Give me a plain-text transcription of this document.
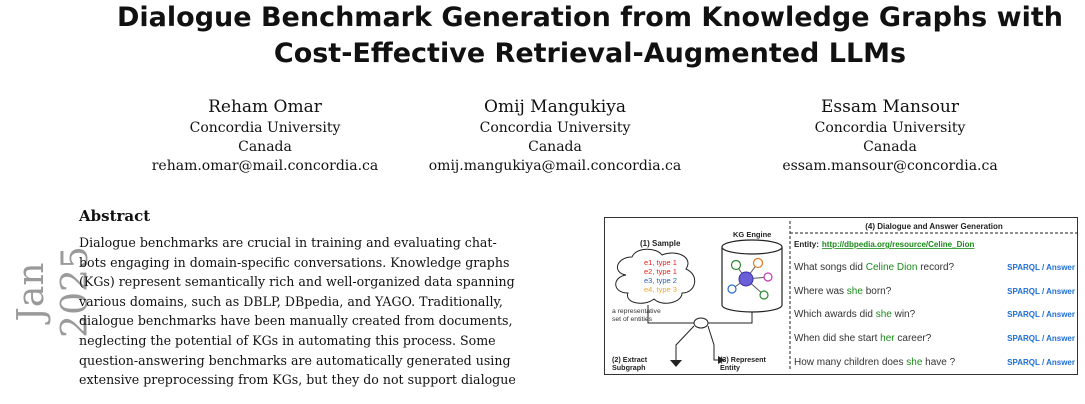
Dialogue Benchmark Generation from Knowledge Graphs with
Cost-Effective Retrieval-Augmented LLMs
Reham Omar
Concordia University
Canada
reham.omar@mail.concordia.ca
Omij Mangukiya
Concordia University
Canada
omij.mangukiya@mail.concordia.ca
Essam Mansour
Concordia University
Canada
essam.mansour@concordia.ca
Jan 2025
Abstract
Dialogue benchmarks are crucial in training and evaluating chat-
bots engaging in domain-specific conversations. Knowledge graphs
(KGs) represent semantically rich and well-organized data spanning
various domains, such as DBLP, DBpedia, and YAGO. Traditionally,
dialogue benchmarks have been manually created from documents,
neglecting the potential of KGs in automating this process. Some
question-answering benchmarks are automatically generated using
extensive preprocessing from KGs, but they do not support dialogue
(1) Sample
e1, type 1
e2, type 1
e3, type 2
e4, type 3
a representative
set of entities
KG Engine
(2) Extract
Subgraph
(3) Represent
Entity
(4) Dialogue and Answer Generation
Entity: http://dbpedia.org/resource/Celine_Dion
What songs did Celine Dion record?	SPARQL / Answer
Where was she born?	SPARQL / Answer
Which awards did she win?	SPARQL / Answer
When did she start her career?	SPARQL / Answer
How many children does she have ?	SPARQL / Answer
